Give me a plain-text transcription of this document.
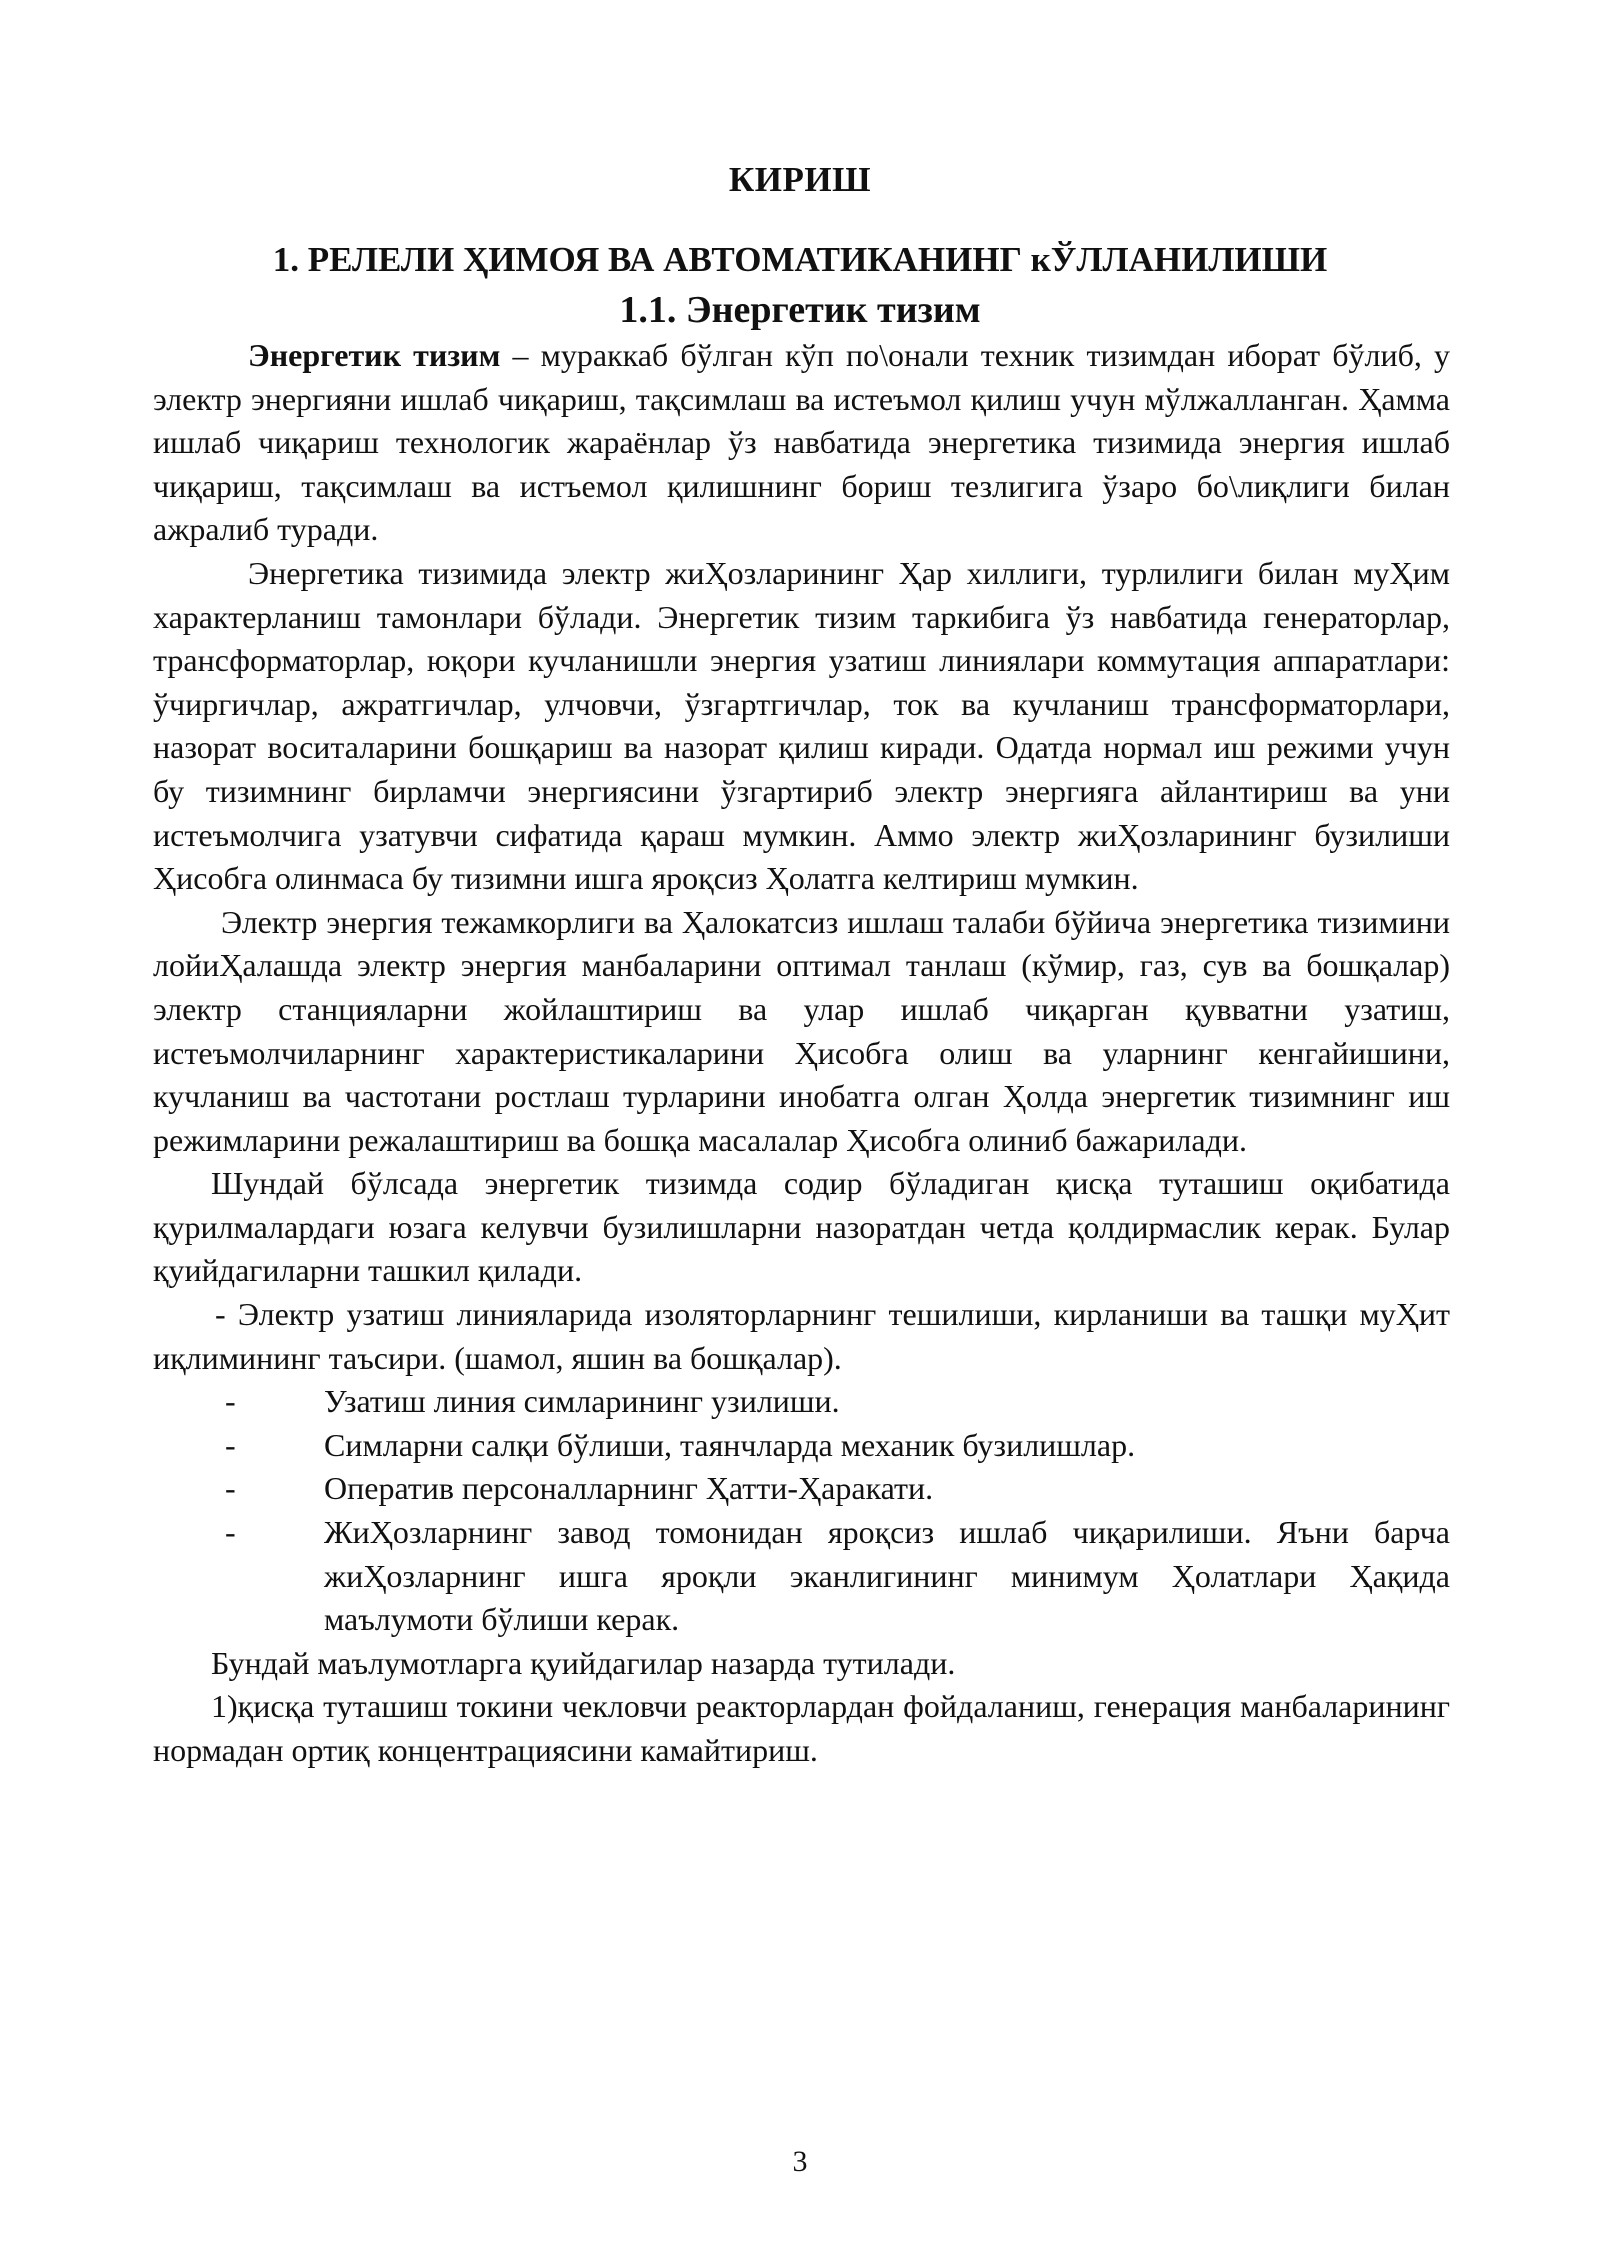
КИРИШ
1. РЕЛЕЛИ ҲИМОЯ ВА АВТОМАТИКАНИНГ кЎЛЛАНИЛИШИ
1.1. Энергетик тизим

Энергетик тизим – мураккаб бўлган кўп по\онали техник тизимдан иборат бўлиб, у электр энергияни ишлаб чиқариш, тақсимлаш ва истеъмол қилиш учун мўлжалланган. Ҳамма ишлаб чиқариш технологик жараёнлар ўз навбатида энергетика тизимида энергия ишлаб чиқариш, тақсимлаш ва истъемол қилишнинг бориш тезлигига ўзаро бо\лиқлиги билан ажралиб туради.

Энергетика тизимида электр жиҲозларининг Ҳар хиллиги, турлилиги билан муҲим характерланиш тамонлари бўлади. Энергетик тизим таркибига ўз навбатида генераторлар, трансформаторлар, юқори кучланишли энергия узатиш линиялари коммутация аппаратлари: ўчиргичлар, ажратгичлар, улчовчи, ўзгартгичлар, ток ва кучланиш трансформаторлари, назорат воситаларини бошқариш ва назорат қилиш киради. Одатда нормал иш режими учун бу тизимнинг бирламчи энергиясини ўзгартириб электр энергияга айлантириш ва уни истеъмолчига узатувчи сифатида қараш мумкин. Аммо электр жиҲозларининг бузилиши Ҳисобга олинмаса бу тизимни ишга яроқсиз Ҳолатга келтириш мумкин.

Электр энергия тежамкорлиги ва Ҳалокатсиз ишлаш талаби бўйича энергетика тизимини лойиҲалашда электр энергия манбаларини оптимал танлаш (кўмир, газ, сув ва бошқалар) электр станцияларни жойлаштириш ва улар ишлаб чиқарган қувватни узатиш, истеъмолчиларнинг характеристикаларини Ҳисобга олиш ва уларнинг кенгайишини, кучланиш ва частотани ростлаш турларини инобатга олган Ҳолда энергетик тизимнинг иш режимларини режалаштириш ва бошқа масалалар Ҳисобга олиниб бажарилади.

Шундай бўлсада энергетик тизимда содир бўладиган қисқа туташиш оқибатида қурилмалардаги юзага келувчи бузилишларни назоратдан четда қолдирмаслик керак. Булар қуийдагиларни ташкил қилади.

- Электр узатиш линияларида изоляторларнинг тешилиши, кирланиши ва ташқи муҲит иқлимининг таъсири. (шамол, яшин ва бошқалар).

-	Узатиш линия симларининг узилиши.
-	Симларни салқи бўлиши, таянчларда механик бузилишлар.
-	Оператив персоналларнинг Ҳатти-Ҳаракати.
-	ЖиҲозларнинг завод томонидан яроқсиз ишлаб чиқарилиши. Яъни барча жиҲозларнинг ишга яроқли эканлигининг минимум Ҳолатлари Ҳақида маълумоти бўлиши керак.

Бундай маълумотларга қуийдагилар назарда тутилади.

1)қисқа туташиш токини чекловчи реакторлардан фойдаланиш, генерация манбаларининг нормадан ортиқ концентрациясини камайтириш.

3
